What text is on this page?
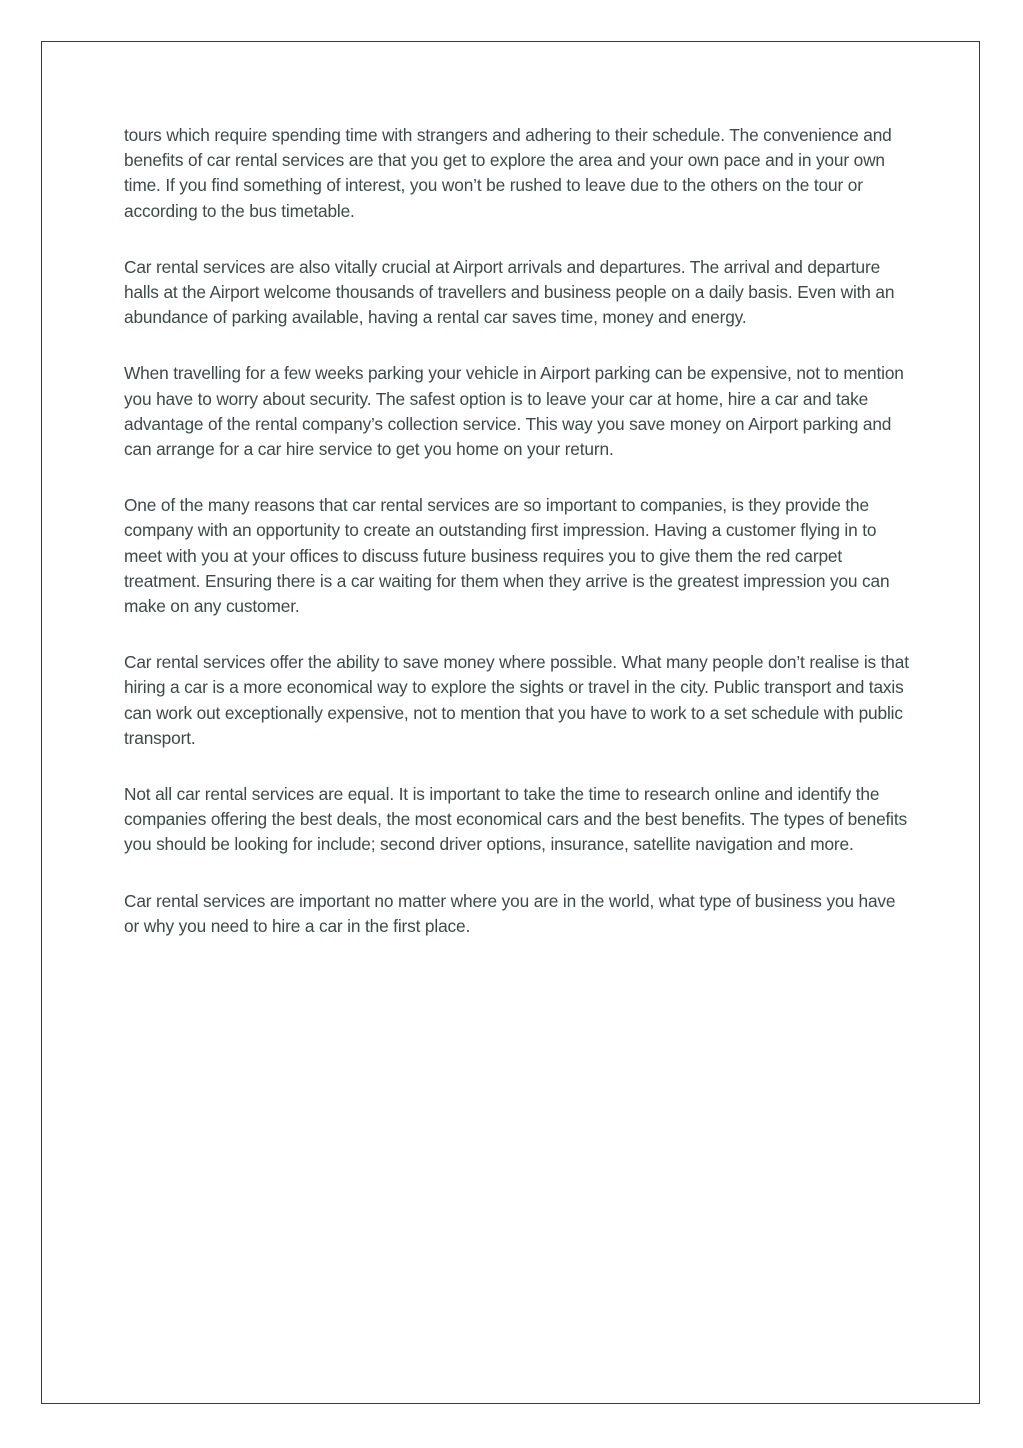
tours which require spending time with strangers and adhering to their schedule. The convenience and benefits of car rental services are that you get to explore the area and your own pace and in your own time. If you find something of interest, you won’t be rushed to leave due to the others on the tour or according to the bus timetable.

Car rental services are also vitally crucial at Airport arrivals and departures. The arrival and departure halls at the Airport welcome thousands of travellers and business people on a daily basis. Even with an abundance of parking available, having a rental car saves time, money and energy.

When travelling for a few weeks parking your vehicle in Airport parking can be expensive, not to mention you have to worry about security. The safest option is to leave your car at home, hire a car and take advantage of the rental company’s collection service. This way you save money on Airport parking and can arrange for a car hire service to get you home on your return.

One of the many reasons that car rental services are so important to companies, is they provide the company with an opportunity to create an outstanding first impression. Having a customer flying in to meet with you at your offices to discuss future business requires you to give them the red carpet treatment. Ensuring there is a car waiting for them when they arrive is the greatest impression you can make on any customer.

Car rental services offer the ability to save money where possible. What many people don’t realise is that hiring a car is a more economical way to explore the sights or travel in the city. Public transport and taxis can work out exceptionally expensive, not to mention that you have to work to a set schedule with public transport.

Not all car rental services are equal. It is important to take the time to research online and identify the companies offering the best deals, the most economical cars and the best benefits. The types of benefits you should be looking for include; second driver options, insurance, satellite navigation and more.

Car rental services are important no matter where you are in the world, what type of business you have or why you need to hire a car in the first place.
